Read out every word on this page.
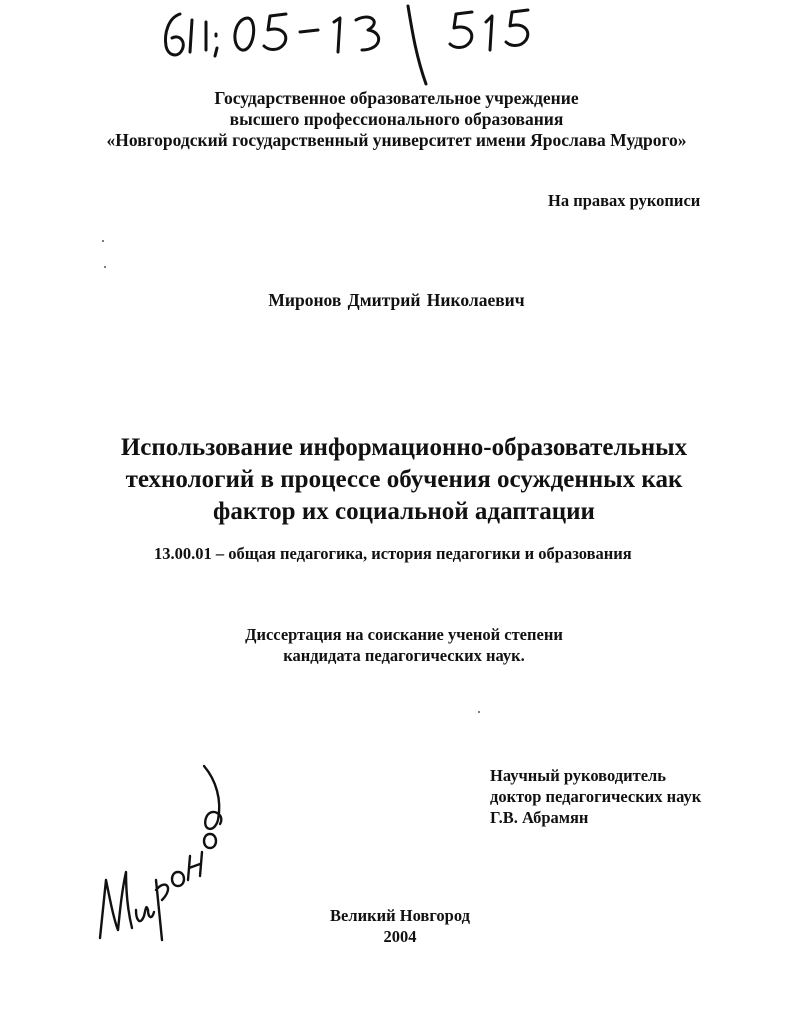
61: 05-13/515
Государственное образовательное учреждение
высшего профессионального образования
«Новгородский государственный университет имени Ярослава Мудрого»
На правах рукописи
Миронов Дмитрий Николаевич
Использование информационно-образовательных
технологий в процессе обучения осужденных как
фактор их социальной адаптации
13.00.01 – общая педагогика, история педагогики и образования
Диссертация на соискание ученой степени
кандидата педагогических наук.
Миронов
Научный руководитель
доктор педагогических наук
Г.В. Абрамян
Великий Новгород
2004
